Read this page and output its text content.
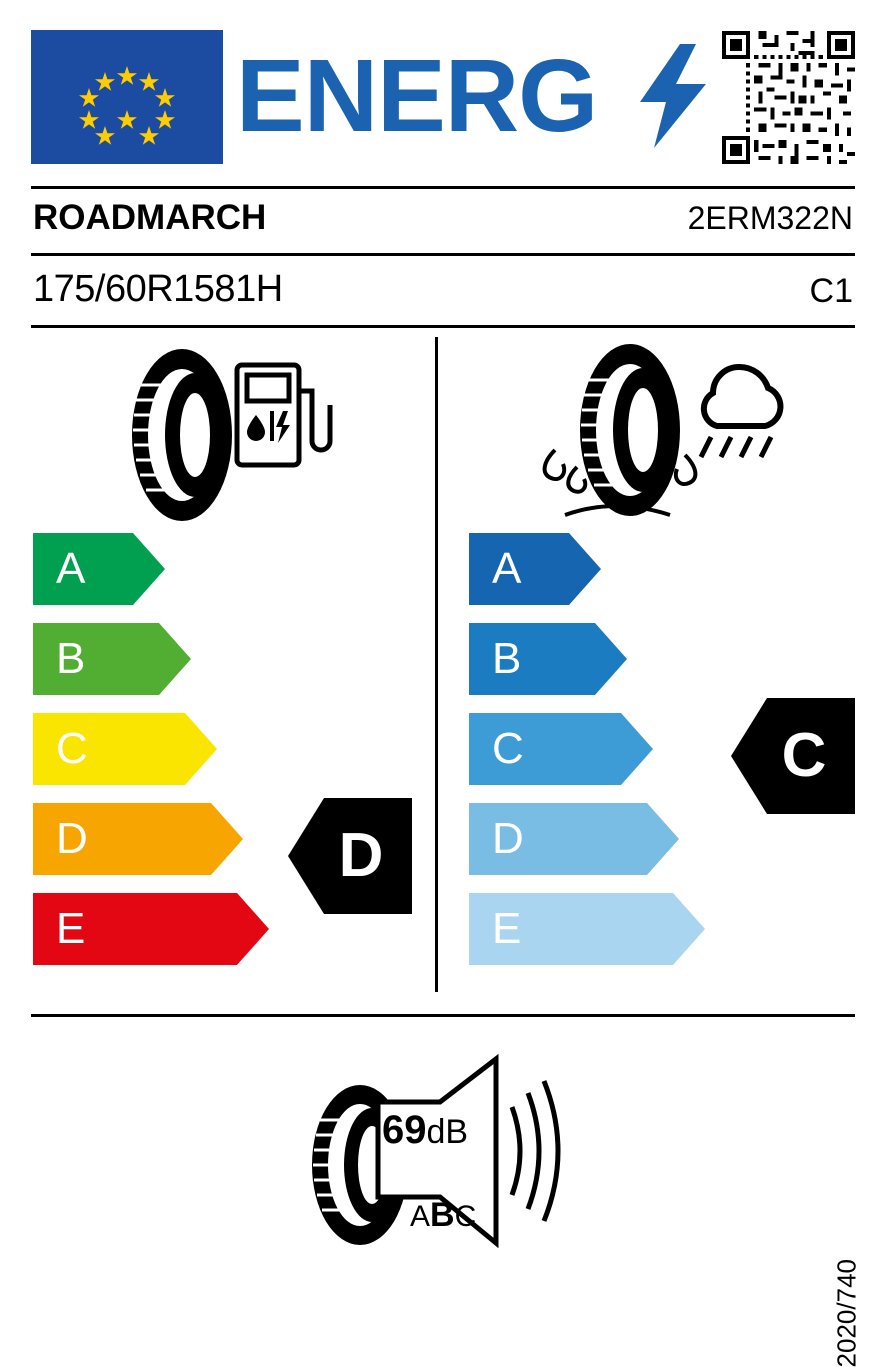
ENERG
ROADMARCH	2ERM322N
175/60R1581H	C1
A
B
C
D
E
A
B
C
D
E
D
C
69dB
ABC
2020/740
